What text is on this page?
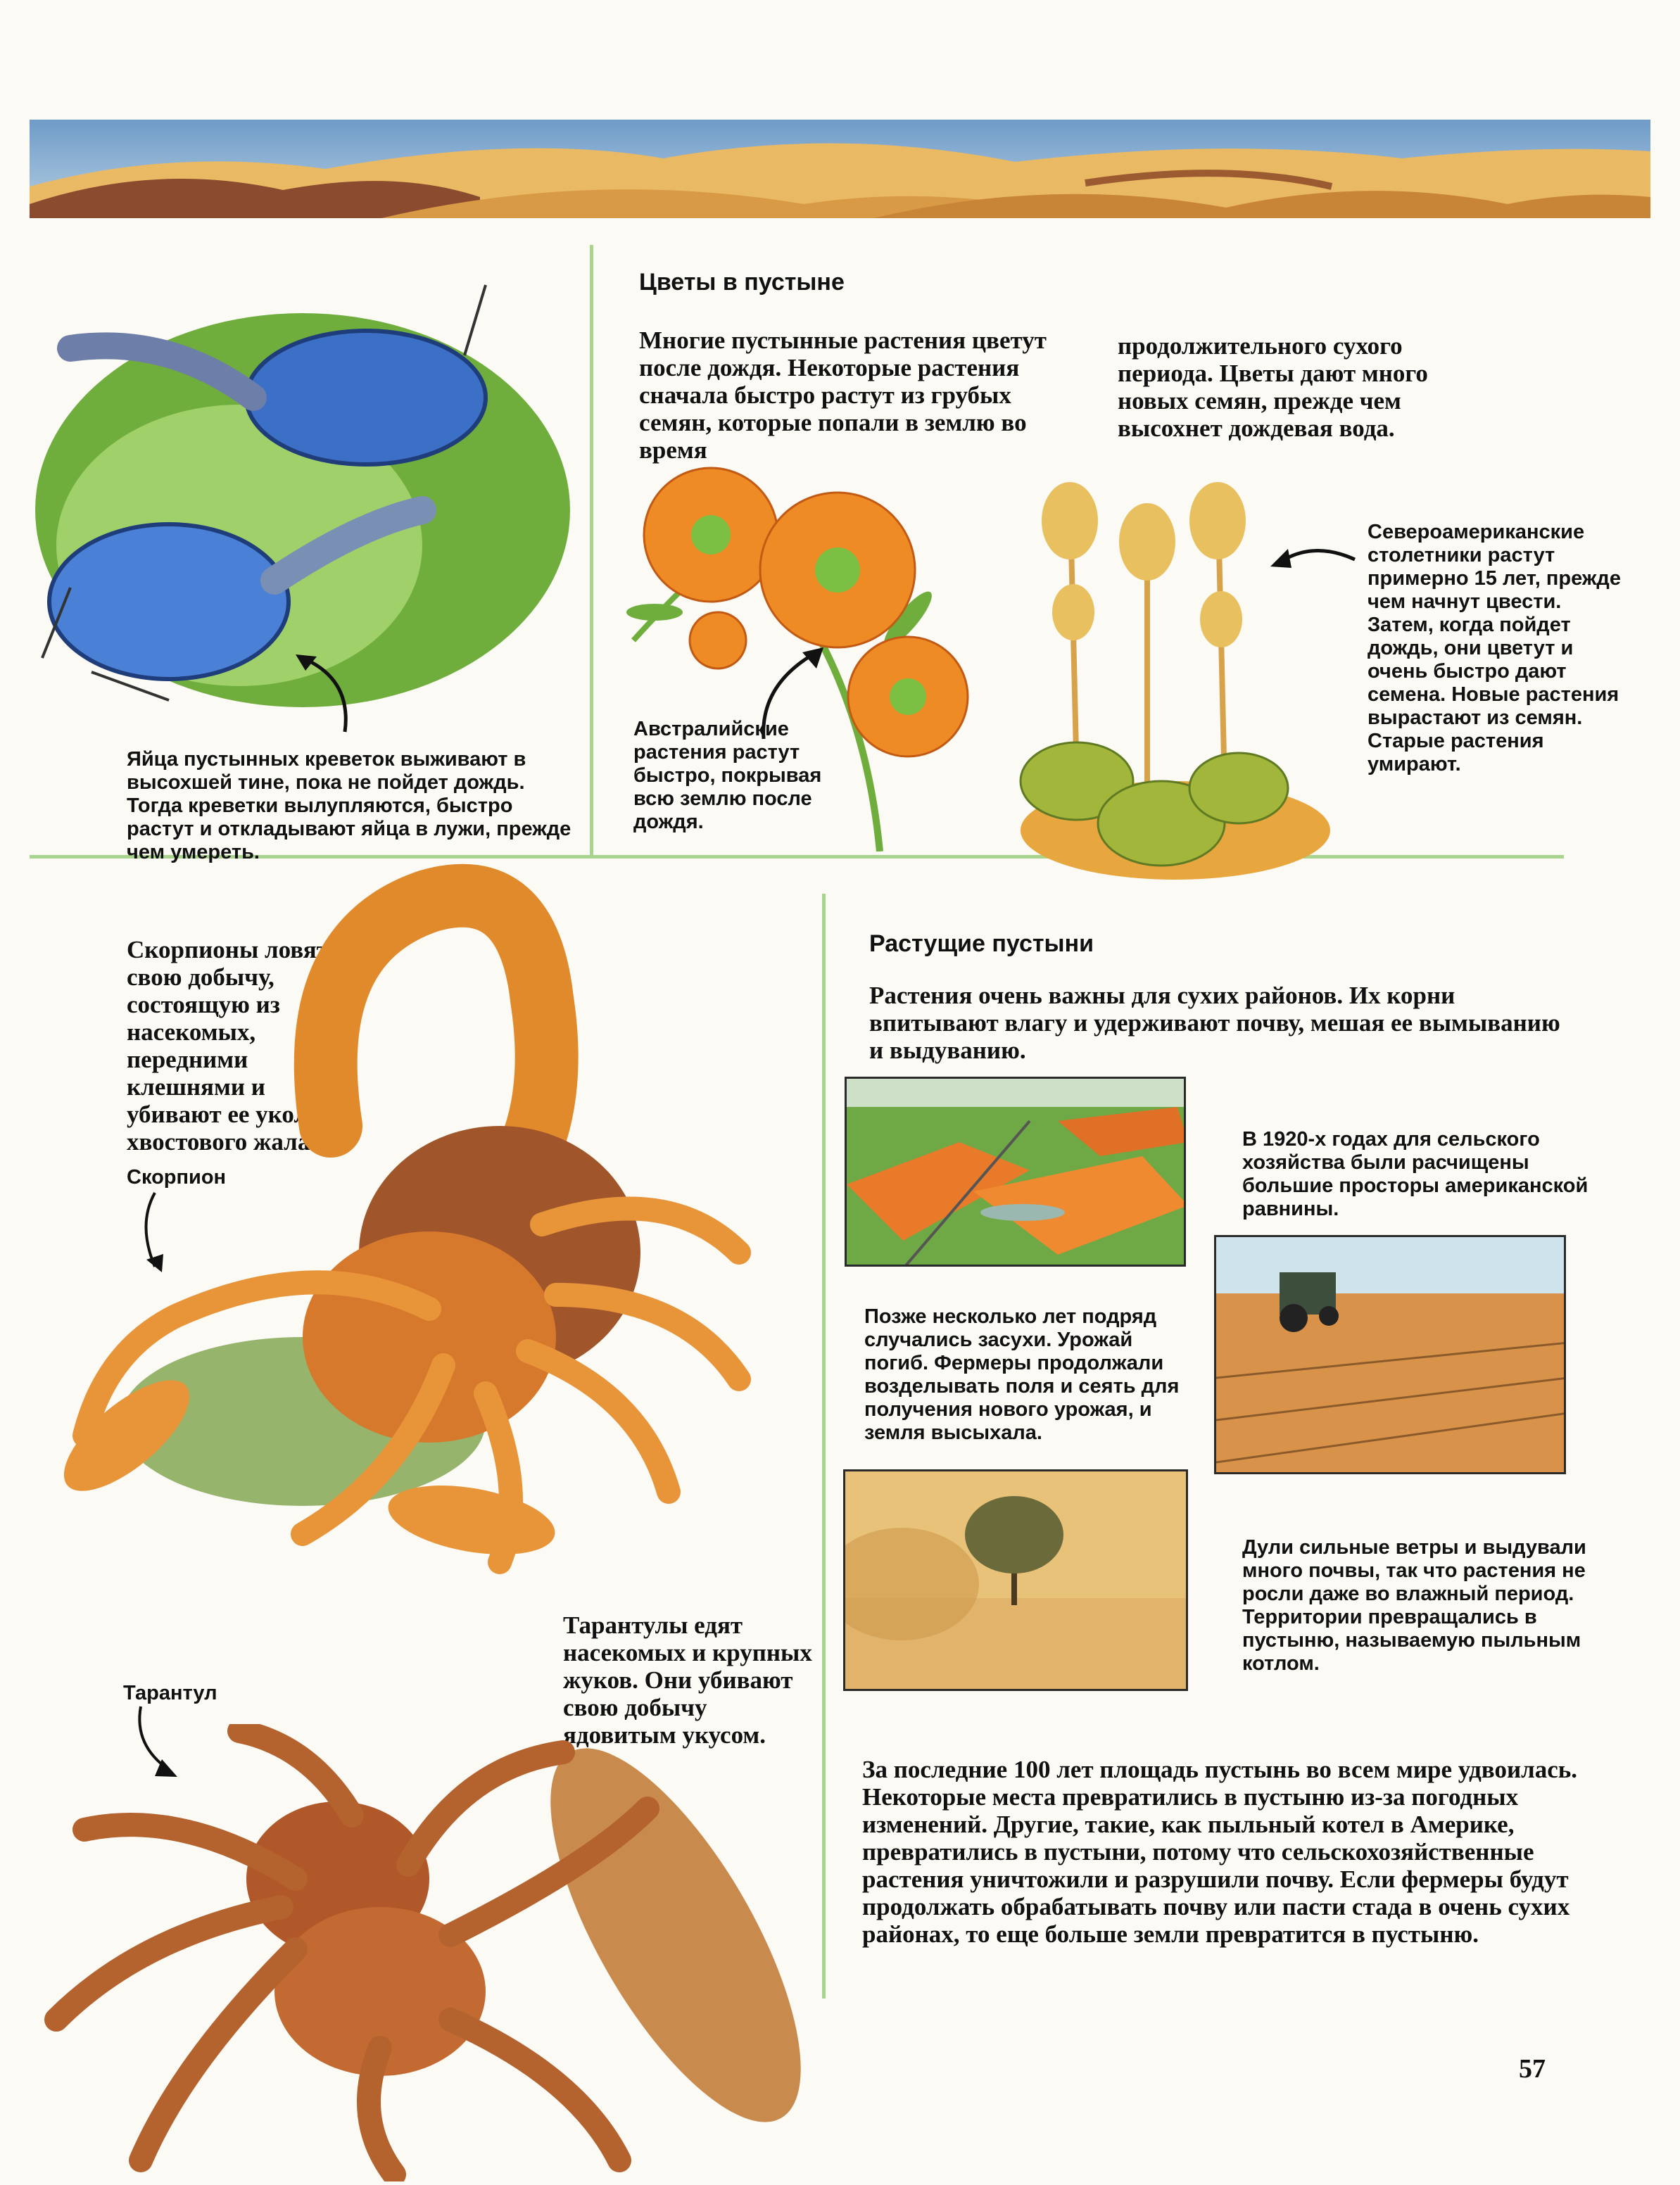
Яйца пустынных креветок выживают в высохшей тине, пока не пойдет дождь. Тогда креветки вылупляются, быстро растут и откладывают яйца в лужи, прежде чем умереть.
Цветы в пустыне
Многие пустынные растения цветут после дождя. Некоторые растения сначала быстро растут из грубых семян, которые попали в землю во время
продолжительного сухого периода. Цветы дают много новых семян, прежде чем высохнет дождевая вода.
Австралийские растения растут быстро, покрывая всю землю после дождя.
Североамериканские столетники растут примерно 15 лет, прежде чем начнут цвести. Затем, когда пойдет дождь, они цветут и очень быстро дают семена. Новые растения вырастают из семян. Старые растения умирают.
Скорпионы ловят свою добычу, состоящую из насекомых, передними клешнями и убивают ее уколом хвостового жала.
Скорпион
Тарантулы едят насекомых и крупных жуков. Они убивают свою добычу ядовитым укусом.
Тарантул
Растущие пустыни
Растения очень важны для сухих районов. Их корни впитывают влагу и удерживают почву, мешая ее вымыванию и выдуванию.
В 1920-х годах для сельского хозяйства были расчищены большие просторы американской равнины.
Позже несколько лет подряд случались засухи. Урожай погиб. Фермеры продолжали возделывать поля и сеять для получения нового урожая, и земля высыхала.
Дули сильные ветры и выдували много почвы, так что растения не росли даже во влажный период. Территории превращались в пустыню, называемую пыльным котлом.
За последние 100 лет площадь пустынь во всем мире удвоилась. Некоторые места превратились в пустыню из-за погодных изменений. Другие, такие, как пыльный котел в Америке, превратились в пустыни, потому что сельскохозяйственные растения уничтожили и разрушили почву. Если фермеры будут продолжать обрабатывать почву или пасти стада в очень сухих районах, то еще больше земли превратится в пустыню.
57
